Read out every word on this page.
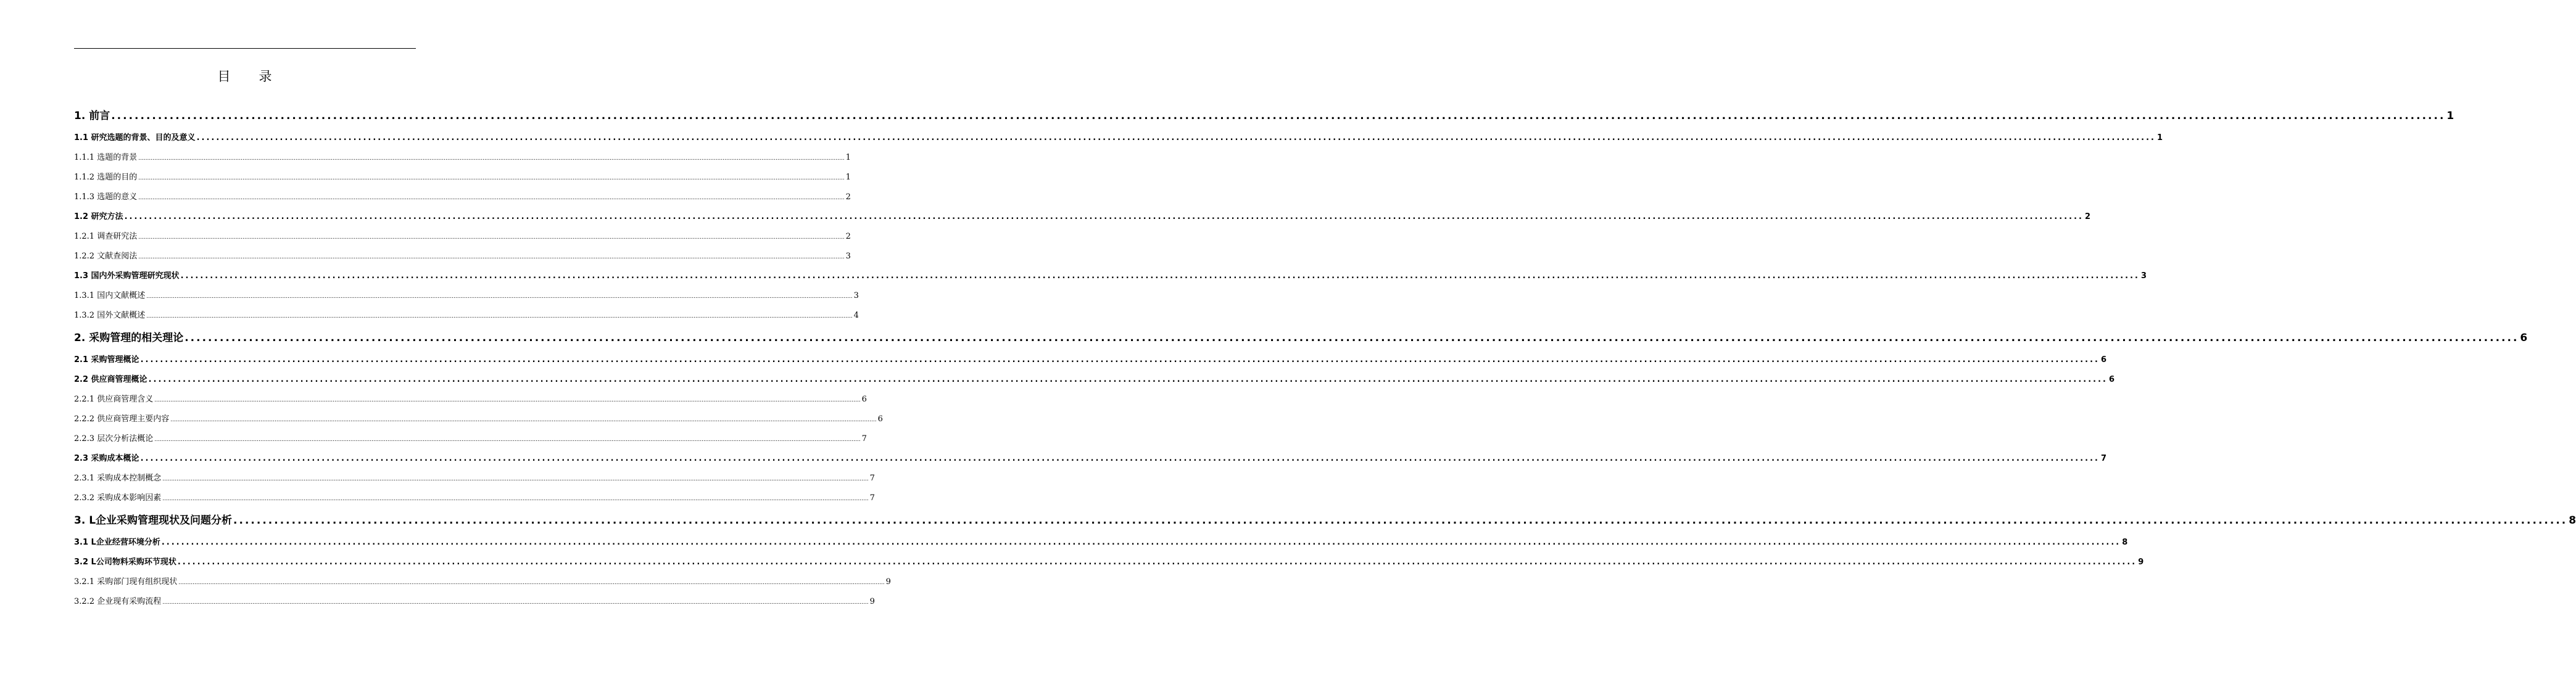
目 录
1. 前言 ................................................................................................................................................................................................................................................................................................................................................................................................................ 1
1.1 研究选题的背景、目的及意义 ................................................................................................................................................................................................................................................................................................................................................................................................................ 1
1.1.1 选题的背景 ................................................................................................................................................................................................................................................................................................................................................................................................................ 1
1.1.2 选题的目的 ................................................................................................................................................................................................................................................................................................................................................................................................................ 1
1.1.3 选题的意义 ................................................................................................................................................................................................................................................................................................................................................................................................................ 2
1.2 研究方法 ................................................................................................................................................................................................................................................................................................................................................................................................................ 2
1.2.1 调查研究法 ................................................................................................................................................................................................................................................................................................................................................................................................................ 2
1.2.2 文献查阅法 ................................................................................................................................................................................................................................................................................................................................................................................................................ 3
1.3 国内外采购管理研究现状 ................................................................................................................................................................................................................................................................................................................................................................................................................ 3
1.3.1 国内文献概述 ................................................................................................................................................................................................................................................................................................................................................................................................................ 3
1.3.2 国外文献概述 ................................................................................................................................................................................................................................................................................................................................................................................................................ 4
2. 采购管理的相关理论 ................................................................................................................................................................................................................................................................................................................................................................................................................ 6
2.1 采购管理概论 ................................................................................................................................................................................................................................................................................................................................................................................................................ 6
2.2 供应商管理概论 ................................................................................................................................................................................................................................................................................................................................................................................................................ 6
2.2.1 供应商管理含义 ................................................................................................................................................................................................................................................................................................................................................................................................................ 6
2.2.2 供应商管理主要内容 ................................................................................................................................................................................................................................................................................................................................................................................................................ 6
2.2.3 层次分析法概论 ................................................................................................................................................................................................................................................................................................................................................................................................................ 7
2.3 采购成本概论 ................................................................................................................................................................................................................................................................................................................................................................................................................ 7
2.3.1 采购成本控制概念 ................................................................................................................................................................................................................................................................................................................................................................................................................ 7
2.3.2 采购成本影响因素 ................................................................................................................................................................................................................................................................................................................................................................................................................ 7
3. L企业采购管理现状及问题分析 ................................................................................................................................................................................................................................................................................................................................................................................................................ 8
3.1 L企业经营环境分析 ................................................................................................................................................................................................................................................................................................................................................................................................................ 8
3.2 L公司物料采购环节现状 ................................................................................................................................................................................................................................................................................................................................................................................................................ 9
3.2.1 采购部门现有组织现状 ................................................................................................................................................................................................................................................................................................................................................................................................................ 9
3.2.2 企业现有采购流程 ................................................................................................................................................................................................................................................................................................................................................................................................................ 9
